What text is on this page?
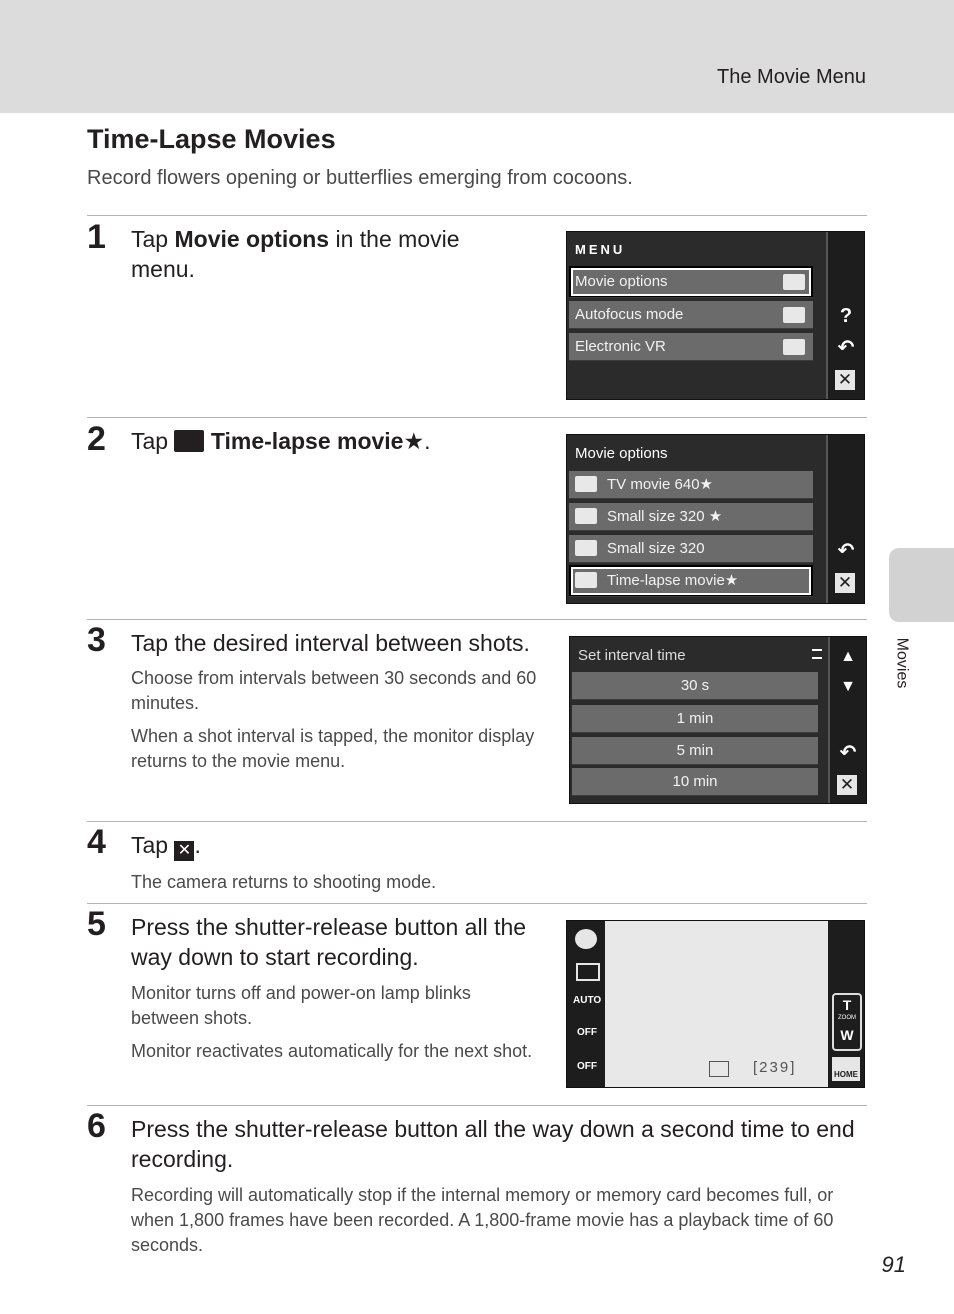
The Movie Menu
Movies
Time-Lapse Movies
Record flowers opening or butterflies emerging from cocoons.
1 Tap Movie options in the movie menu.
MENU
Movie options
Autofocus mode
Electronic VR
?
↶
✕
2 Tap  Time-lapse movie★.	Movie options
TV movie 640★
Small size 320 ★
Small size 320
Time-lapse movie★
↶
✕
3 Tap the desired interval between shots.

Choose from intervals between 30 seconds and 60 minutes.

When a shot interval is tapped, the monitor display returns to the movie menu.

Set interval time
30 s
1 min
5 min
10 min
▲
▼
↶
✕
4 Tap ✕ .

The camera returns to shooting mode.

5 Press the shutter-release button all the way down to start recording.

Monitor turns off and power-on lamp blinks between shots.

Monitor reactivates automatically for the next shot.

AUTO
OFF
OFF	[239]
T
ZOOM
W
HOME
6 Press the shutter-release button all the way down a second time to end recording.

Recording will automatically stop if the internal memory or memory card becomes full, or when 1,800 frames have been recorded. A 1,800-frame movie has a playback time of 60 seconds.

91
